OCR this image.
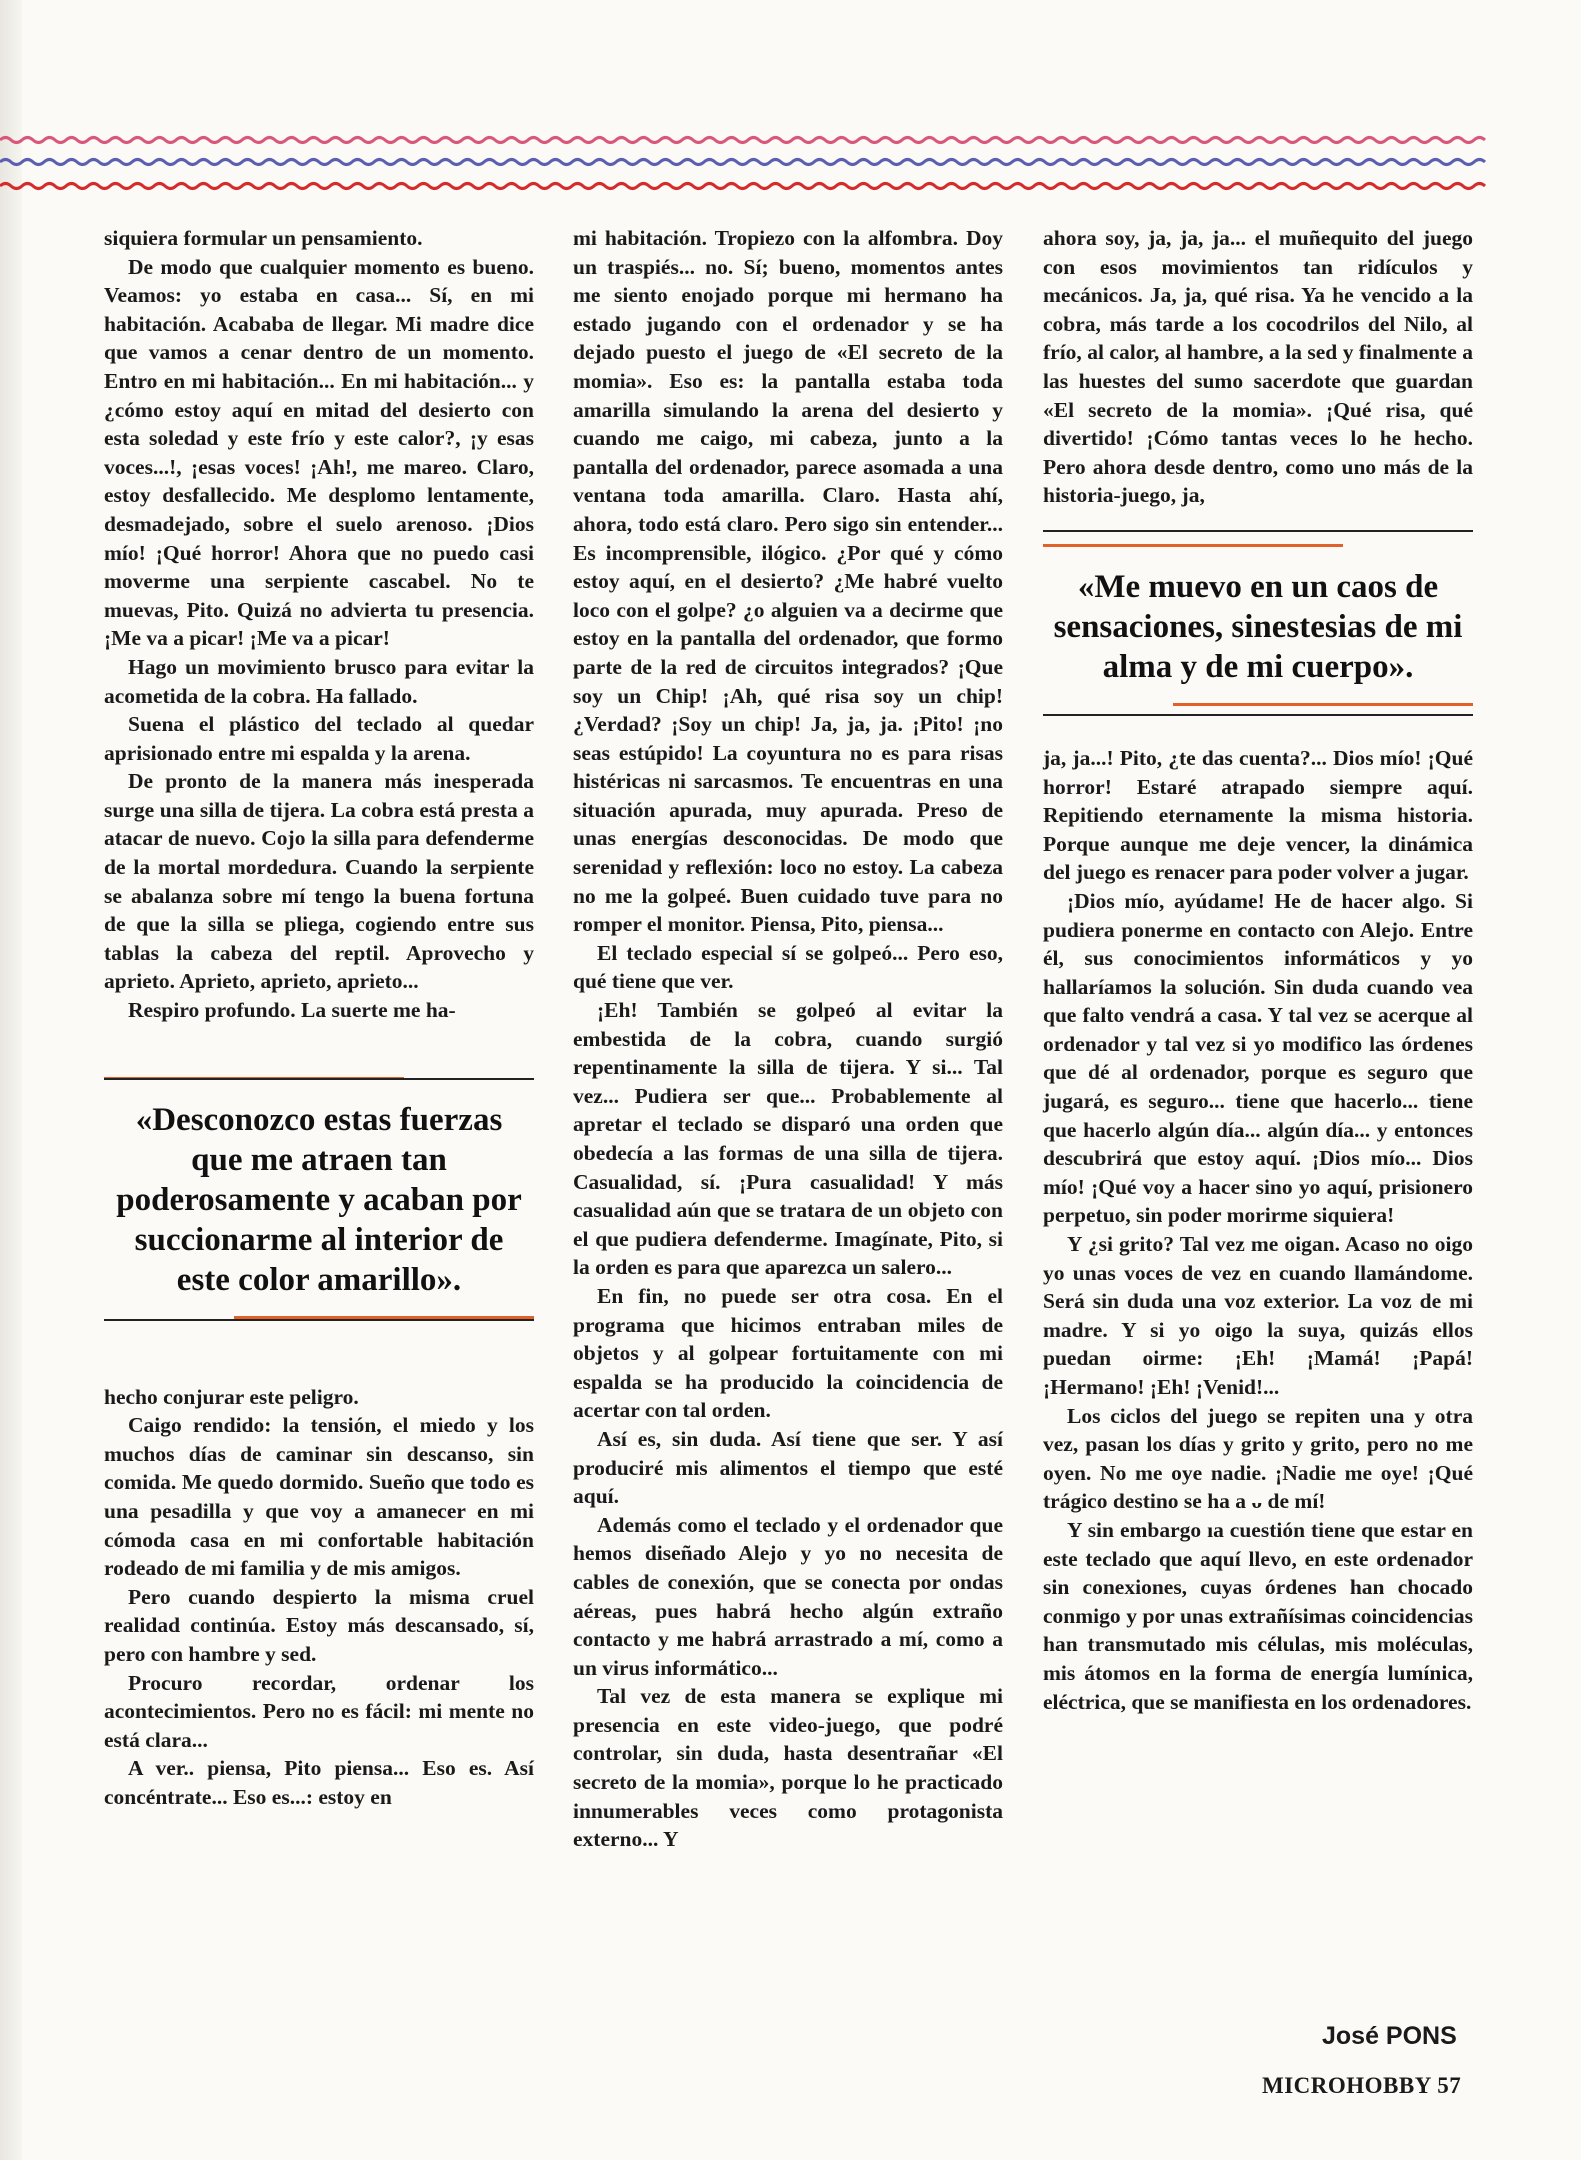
siquiera formular un pensamiento.

De modo que cualquier momento es bueno. Veamos: yo estaba en casa... Sí, en mi habitación. Acababa de llegar. Mi madre dice que vamos a cenar dentro de un momento. Entro en mi habitación... En mi habitación... y ¿cómo estoy aquí en mitad del desierto con esta soledad y este frío y este calor?, ¡y esas voces...!, ¡esas voces! ¡Ah!, me mareo. Claro, estoy desfallecido. Me desplomo lentamente, desmadejado, sobre el suelo arenoso. ¡Dios mío! ¡Qué horror! Ahora que no puedo casi moverme una serpiente cascabel. No te muevas, Pito. Quizá no advierta tu presencia. ¡Me va a picar! ¡Me va a picar!

Hago un movimiento brusco para evitar la acometida de la cobra. Ha fallado.

Suena el plástico del teclado al quedar aprisionado entre mi espalda y la arena.

De pronto de la manera más inesperada surge una silla de tijera. La cobra está presta a atacar de nuevo. Cojo la silla para defenderme de la mortal mordedura. Cuando la serpiente se abalanza sobre mí tengo la buena fortuna de que la silla se pliega, cogiendo entre sus tablas la cabeza del reptil. Aprovecho y aprieto. Aprieto, aprieto, aprieto...

Respiro profundo. La suerte me ha-

«Desconozco estas fuerzas que me atraen tan poderosamente y acaban por succionarme al interior de este color amarillo».

hecho conjurar este peligro.

Caigo rendido: la tensión, el miedo y los muchos días de caminar sin descanso, sin comida. Me quedo dormido. Sueño que todo es una pesadilla y que voy a amanecer en mi cómoda casa en mi confortable habitación rodeado de mi familia y de mis amigos.

Pero cuando despierto la misma cruel realidad continúa. Estoy más descansado, sí, pero con hambre y sed.

Procuro recordar, ordenar los acontecimientos. Pero no es fácil: mi mente no está clara...

A ver.. piensa, Pito piensa... Eso es. Así concéntrate... Eso es...: estoy en

mi habitación. Tropiezo con la alfombra. Doy un traspiés... no. Sí; bueno, momentos antes me siento enojado porque mi hermano ha estado jugando con el ordenador y se ha dejado puesto el juego de «El secreto de la momia». Eso es: la pantalla estaba toda amarilla simulando la arena del desierto y cuando me caigo, mi cabeza, junto a la pantalla del ordenador, parece asomada a una ventana toda amarilla. Claro. Hasta ahí, ahora, todo está claro. Pero sigo sin entender... Es incomprensible, ilógico. ¿Por qué y cómo estoy aquí, en el desierto? ¿Me habré vuelto loco con el golpe? ¿o alguien va a decirme que estoy en la pantalla del ordenador, que formo parte de la red de circuitos integrados? ¡Que soy un Chip! ¡Ah, qué risa soy un chip! ¿Verdad? ¡Soy un chip! Ja, ja, ja. ¡Pito! ¡no seas estúpido! La coyuntura no es para risas histéricas ni sarcasmos. Te encuentras en una situación apurada, muy apurada. Preso de unas energías desconocidas. De modo que serenidad y reflexión: loco no estoy. La cabeza no me la golpeé. Buen cuidado tuve para no romper el monitor. Piensa, Pito, piensa...

El teclado especial sí se golpeó... Pero eso, qué tiene que ver.

¡Eh! También se golpeó al evitar la embestida de la cobra, cuando surgió repentinamente la silla de tijera. Y si... Tal vez... Pudiera ser que... Probablemente al apretar el teclado se disparó una orden que obedecía a las formas de una silla de tijera. Casualidad, sí. ¡Pura casualidad! Y más casualidad aún que se tratara de un objeto con el que pudiera defenderme. Imagínate, Pito, si la orden es para que aparezca un salero...

En fin, no puede ser otra cosa. En el programa que hicimos entraban miles de objetos y al golpear fortuitamente con mi espalda se ha producido la coincidencia de acertar con tal orden.

Así es, sin duda. Así tiene que ser. Y así produciré mis alimentos el tiempo que esté aquí.

Además como el teclado y el ordenador que hemos diseñado Alejo y yo no necesita de cables de conexión, que se conecta por ondas aéreas, pues habrá hecho algún extraño contacto y me habrá arrastrado a mí, como a un virus informático...

Tal vez de esta manera se explique mi presencia en este video-juego, que podré controlar, sin duda, hasta desentrañar «El secreto de la momia», porque lo he practicado innumerables veces como protagonista externo... Y

ahora soy, ja, ja, ja... el muñequito del juego con esos movimientos tan ridículos y mecánicos. Ja, ja, qué risa. Ya he vencido a la cobra, más tarde a los cocodrilos del Nilo, al frío, al calor, al hambre, a la sed y finalmente a las huestes del sumo sacerdote que guardan «El secreto de la momia». ¡Qué risa, qué divertido! ¡Cómo tantas veces lo he hecho. Pero ahora desde dentro, como uno más de la historia-juego, ja,

«Me muevo en un caos de sensaciones, sinestesias de mi alma y de mi cuerpo».

ja, ja...! Pito, ¿te das cuenta?... Dios mío! ¡Qué horror! Estaré atrapado siempre aquí. Repitiendo eternamente la misma historia. Porque aunque me deje vencer, la dinámica del juego es renacer para poder volver a jugar.

¡Dios mío, ayúdame! He de hacer algo. Si pudiera ponerme en contacto con Alejo. Entre él, sus conocimientos informáticos y yo hallaríamos la solución. Sin duda cuando vea que falto vendrá a casa. Y tal vez se acerque al ordenador y tal vez si yo modifico las órdenes que dé al ordenador, porque es seguro que jugará, es seguro... tiene que hacerlo... tiene que hacerlo algún día... algún día... y entonces descubrirá que estoy aquí. ¡Dios mío... Dios mío! ¡Qué voy a hacer sino yo aquí, prisionero perpetuo, sin poder morirme siquiera!

Y ¿si grito? Tal vez me oigan. Acaso no oigo yo unas voces de vez en cuando llamándome. Será sin duda una voz exterior. La voz de mi madre. Y si yo oigo la suya, quizás ellos puedan oirme: ¡Eh! ¡Mamá! ¡Papá! ¡Hermano! ¡Eh! ¡Venid!...

Los ciclos del juego se repiten una y otra vez, pasan los días y grito y grito, pero no me oyen. No me oye nadie. ¡Nadie me oye! ¡Qué trágico destino se ha a ᴗ de mí!

Y sin embargo ıa cuestión tiene que estar en este teclado que aquí llevo, en este ordenador sin conexiones, cuyas órdenes han chocado conmigo y por unas extrañísimas coincidencias han transmutado mis células, mis moléculas, mis átomos en la forma de energía lumínica, eléctrica, que se manifiesta en los ordenadores.

José PONS
MICROHOBBY 57
